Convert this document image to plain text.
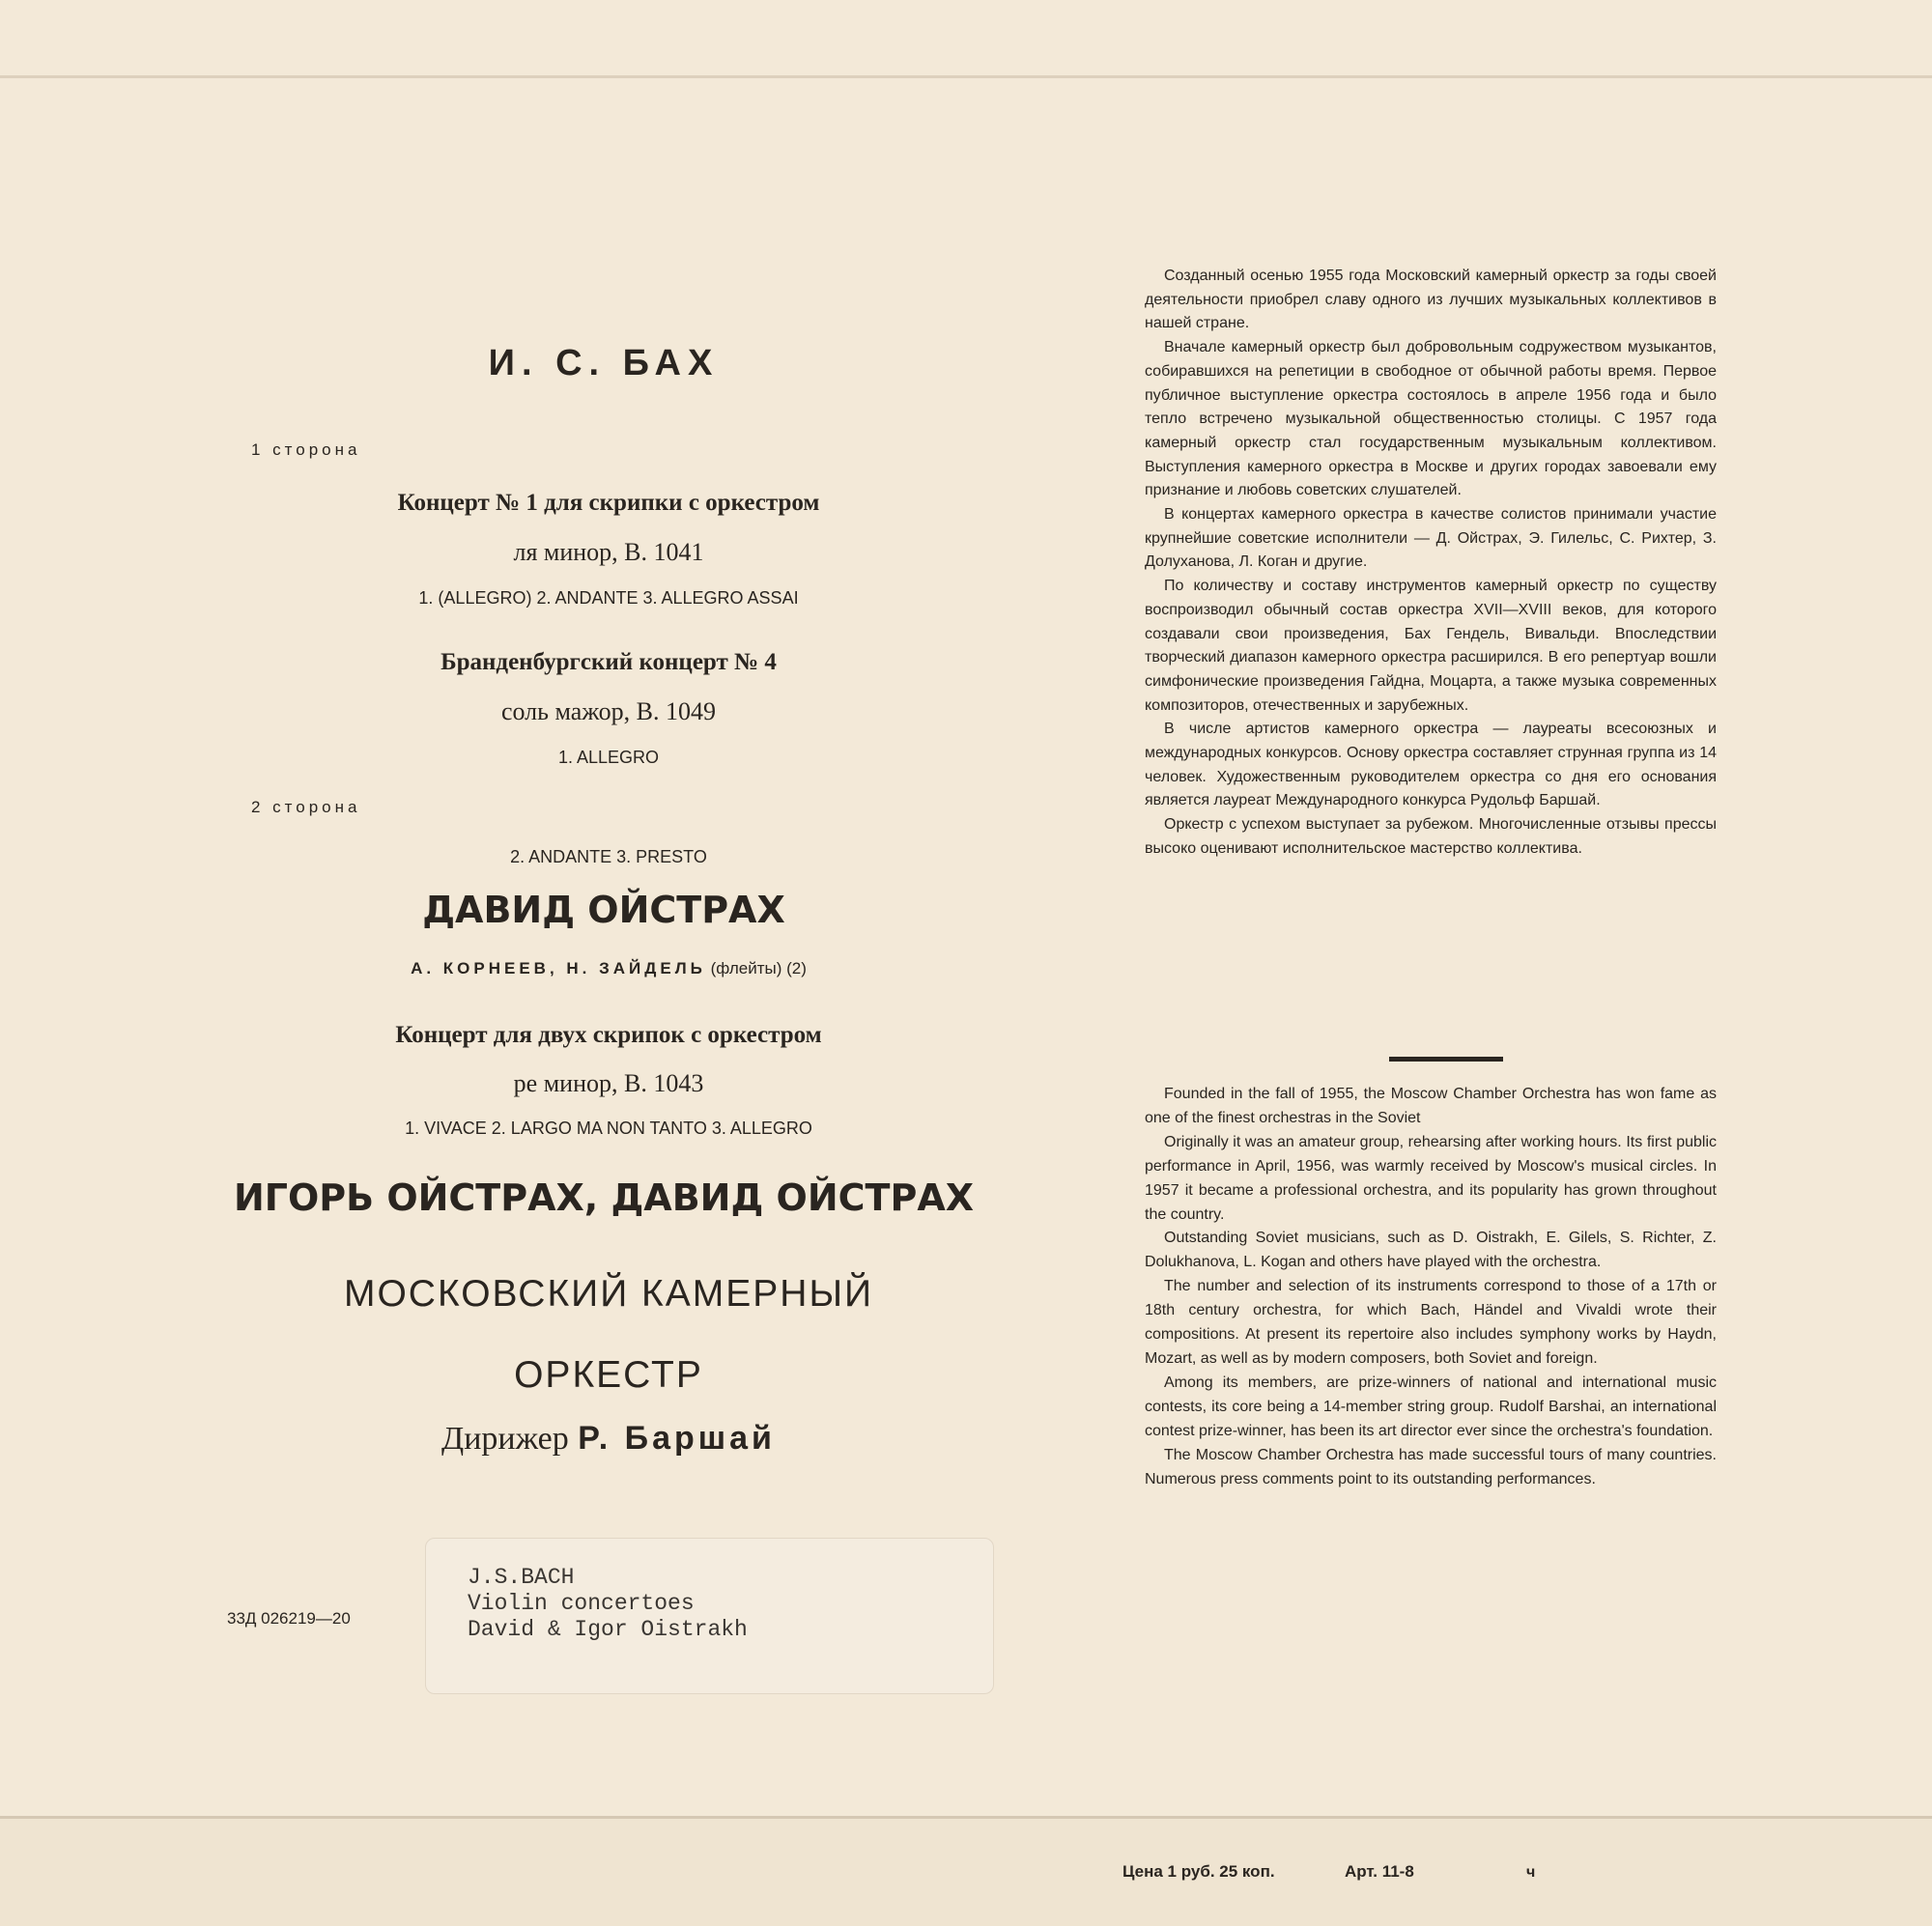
И. С. БАХ
1 сторона
Концерт № 1 для скрипки с оркестром
ля минор, В. 1041
1. (ALLEGRO) 2. ANDANTE 3. ALLEGRO ASSAI
Бранденбургский концерт № 4
соль мажор, В. 1049
1. ALLEGRO
2 сторона
2. ANDANTE 3. PRESTO
ДАВИД ОЙСТРАХ
А. КОРНЕЕВ, Н. ЗАЙДЕЛЬ (флейты) (2)
Концерт для двух скрипок с оркестром
ре минор, В. 1043
1. VIVACE 2. LARGO MA NON TANTO 3. ALLEGRO
ИГОРЬ ОЙСТРАХ, ДАВИД ОЙСТРАХ
МОСКОВСКИЙ КАМЕРНЫЙ
ОРКЕСТР
Дирижер Р. Баршай
33Д 026219—20
J.S.BACH
Violin concertoes
David & Igor Oistrakh

Созданный осенью 1955 года Московский камерный оркестр за годы своей деятельности приобрел славу одного из лучших музыкальных коллективов в нашей стране.

Вначале камерный оркестр был добровольным содружеством музыкантов, собиравшихся на репетиции в свободное от обычной работы время. Первое публичное выступление оркестра состоялось в апреле 1956 года и было тепло встречено музыкальной общественностью столицы. С 1957 года камерный оркестр стал государственным музыкальным коллективом. Выступления камерного оркестра в Москве и других городах завоевали ему признание и любовь советских слушателей.

В концертах камерного оркестра в качестве солистов принимали участие крупнейшие советские исполнители — Д. Ойстрах, Э. Гилельс, С. Рихтер, З. Долуханова, Л. Коган и другие.

По количеству и составу инструментов камерный оркестр по существу воспроизводил обычный состав оркестра XVII—XVIII веков, для которого создавали свои произведения, Бах Гендель, Вивальди. Впоследствии творческий диапазон камерного оркестра расширился. В его репертуар вошли симфонические произведения Гайдна, Моцарта, а также музыка современных композиторов, отечественных и зарубежных.

В числе артистов камерного оркестра — лауреаты всесоюзных и международных конкурсов. Основу оркестра составляет струнная группа из 14 человек. Художественным руководителем оркестра со дня его основания является лауреат Международного конкурса Рудольф Баршай.

Оркестр с успехом выступает за рубежом. Многочисленные отзывы прессы высоко оценивают исполнительское мастерство коллектива.

Founded in the fall of 1955, the Moscow Chamber Orchestra has won fame as one of the finest orchestras in the Soviet

Originally it was an amateur group, rehearsing after working hours. Its first public performance in April, 1956, was warmly received by Moscow's musical circles. In 1957 it became a professional orchestra, and its popularity has grown throughout the country.

Outstanding Soviet musicians, such as D. Oistrakh, E. Gilels, S. Richter, Z. Dolukhanova, L. Kogan and others have played with the orchestra.

The number and selection of its instruments correspond to those of a 17th or 18th century orchestra, for which Bach, Händel and Vivaldi wrote their compositions. At present its repertoire also includes symphony works by Haydn, Mozart, as well as by modern composers, both Soviet and foreign.

Among its members, are prize-winners of national and international music contests, its core being a 14-member string group. Rudolf Barshai, an international contest prize-winner, has been its art director ever since the orchestra's foundation.

The Moscow Chamber Orchestra has made successful tours of many countries. Numerous press comments point to its outstanding performances.

Цена 1 руб. 25 коп.	Арт. 11-8	ч
